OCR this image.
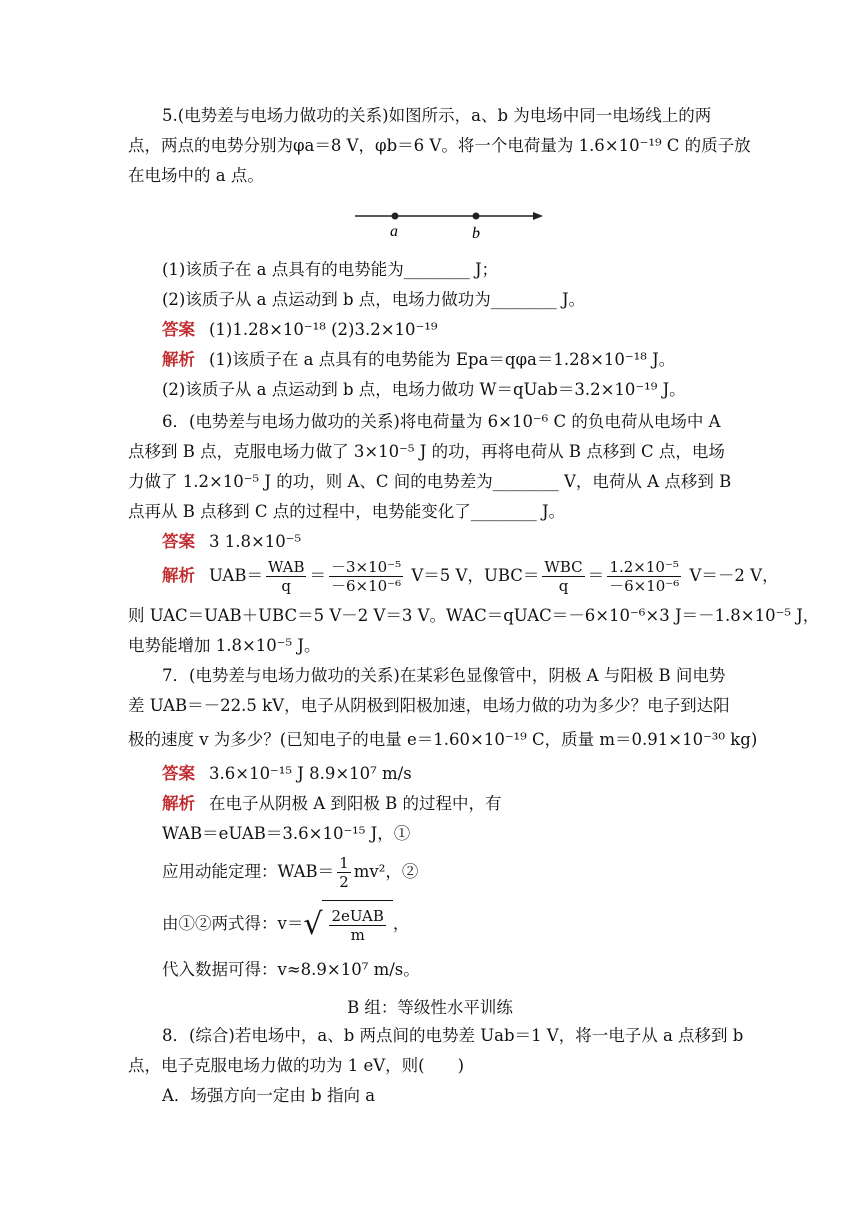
5.(电势差与电场力做功的关系)如图所示，a、b 为电场中同一电场线上的两
点，两点的电势分别为φa＝8 V，φb＝6 V。将一个电荷量为 1.6×10⁻¹⁹ C 的质子放
在电场中的 a 点。
a	b
(1)该质子在 a 点具有的电势能为________ J；
(2)该质子从 a 点运动到 b 点，电场力做功为________ J。
答案 (1)1.28×10⁻¹⁸ (2)3.2×10⁻¹⁹
解析 (1)该质子在 a 点具有的电势能为 Epa＝qφa＝1.28×10⁻¹⁸ J。
(2)该质子从 a 点运动到 b 点，电场力做功 W＝qUab＝3.2×10⁻¹⁹ J。
6．(电势差与电场力做功的关系)将电荷量为 6×10⁻⁶ C 的负电荷从电场中 A
点移到 B 点，克服电场力做了 3×10⁻⁵ J 的功，再将电荷从 B 点移到 C 点，电场
力做了 1.2×10⁻⁵ J 的功，则 A、C 间的电势差为________ V，电荷从 A 点移到 B
点再从 B 点移到 C 点的过程中，电势能变化了________ J。
答案 3 1.8×10⁻⁵
解析 $UAB= \frac{\text{WAB}}{q} = \frac{\text{－3×10⁻⁵}}{\text{－6×10⁻⁶}} V=5$ V，$UBC= \frac{\text{WBC}}{q} = \frac{\text{1.2×10⁻⁵}}{\text{－6×10⁻⁶}} V=-2$ V，
则 UAC＝UAB＋UBC＝5 V－2 V＝3 V。WAC＝qUAC＝－6×10⁻⁶×3 J＝－1.8×10⁻⁵ J，
电势能增加 1.8×10⁻⁵ J。
7．(电势差与电场力做功的关系)在某彩色显像管中，阴极 A 与阳极 B 间电势
差 UAB＝－22.5 kV，电子从阴极到阳极加速，电场力做的功为多少？电子到达阳
极的速度 v 为多少？(已知电子的电量 e＝1.60×10⁻¹⁹ C，质量 m＝0.91×10⁻³⁰ kg)
答案 3.6×10⁻¹⁵ J 8.9×10⁷ m/s
解析 在电子从阴极 A 到阳极 B 的过程中，有
WAB＝eUAB＝3.6×10⁻¹⁵ J，①
应用动能定理：$WAB= \frac{1}{2} mv^2$，②
由①②两式得：v＝ √ $\frac{\text{2eUAB}}{m}$ ，
代入数据可得：v≈8.9×10⁷ m/s。
B 组：等级性水平训练
8．(综合)若电场中，a、b 两点间的电势差 Uab＝1 V，将一电子从 a 点移到 b
点，电子克服电场力做的功为 1 eV，则(　　)
A．场强方向一定由 b 指向 a
